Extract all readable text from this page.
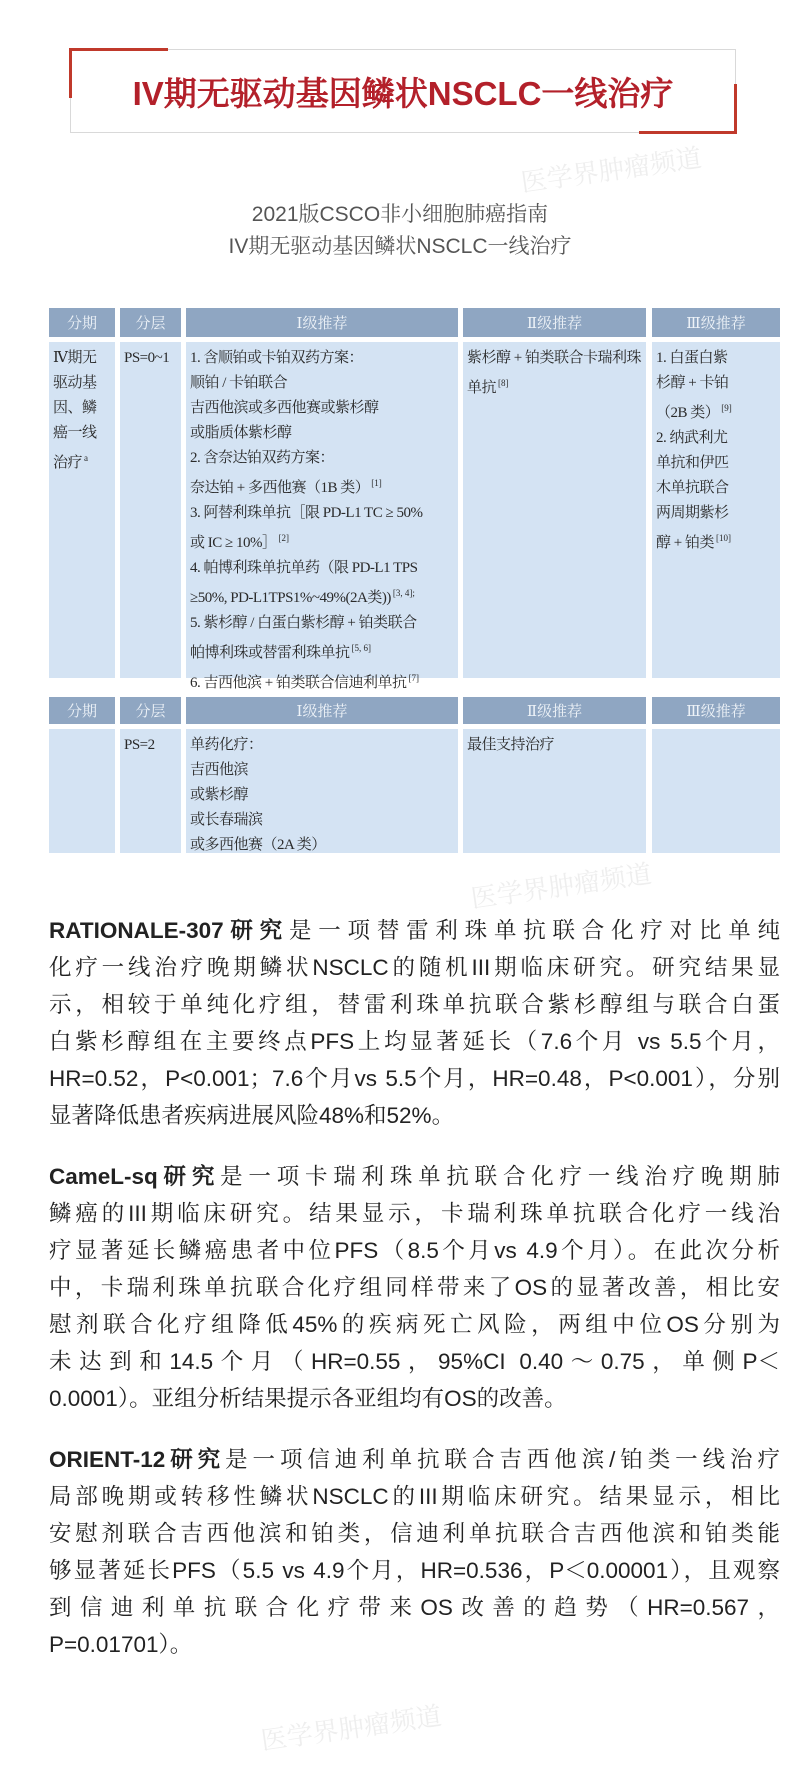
IV期无驱动基因鳞状NSCLC一线治疗
2021版CSCO非小细胞肺癌指南
IV期无驱动基因鳞状NSCLC一线治疗
分期
Ⅳ期无
驱动基
因、鳞
癌一线
治疗 $^a$
分层
PS=0~1
Ⅰ级推荐
1. 含顺铂或卡铂双药方案：
顺铂 / 卡铂联合
吉西他滨或多西他赛或紫杉醇
或脂质体紫杉醇
2. 含奈达铂双药方案：
奈达铂 + 多西他赛（1B 类） [1]
3. 阿替利珠单抗［限 PD-L1 TC ≥ 50%
或 IC ≥ 10%］ [2]
4. 帕博利珠单抗单药（限 PD-L1 TPS
≥50%, PD-L1TPS1%~49%(2A类)) $^{[3, 4];}$
5. 紫杉醇 / 白蛋白紫杉醇 + 铂类联合
帕博利珠或替雷利珠单抗 [5, 6]
6. 吉西他滨 + 铂类联合信迪利单抗 [7]
Ⅱ级推荐
紫杉醇 + 铂类联合卡瑞利珠
单抗 [8]
Ⅲ级推荐
1. 白蛋白紫
杉醇 + 卡铂
（2B 类） [9]
2. 纳武利尤
单抗和伊匹
木单抗联合
两周期紫杉
醇 + 铂类 [10]
分期	分层
PS=2
Ⅰ级推荐
单药化疗：
吉西他滨
或紫杉醇
或长春瑞滨
或多西他赛（2A 类）
Ⅱ级推荐
最佳支持治疗
Ⅲ级推荐
RATIONALE-307研究是一项替雷利珠单抗联合化疗对比单纯
化疗一线治疗晚期鳞状NSCLC的随机III期临床研究。研究结果显
示，相较于单纯化疗组，替雷利珠单抗联合紫杉醇组与联合白蛋
白紫杉醇组在主要终点PFS上均显著延长（7.6个月 vs 5.5个月，
HR=0.52，P<0.001；7.6个月vs 5.5个月，HR=0.48，P<0.001），分别
显著降低患者疾病进展风险48%和52%。
CameL-sq研究是一项卡瑞利珠单抗联合化疗一线治疗晚期肺
鳞癌的III期临床研究。结果显示，卡瑞利珠单抗联合化疗一线治
疗显著延长鳞癌患者中位PFS（8.5个月vs 4.9个月）。在此次分析
中，卡瑞利珠单抗联合化疗组同样带来了OS的显著改善，相比安
慰剂联合化疗组降低45%的疾病死亡风险，两组中位OS分别为
未达到和14.5个月（HR=0.55，95%CI 0.40～0.75，单侧P＜
0.0001）。亚组分析结果提示各亚组均有OS的改善。
ORIENT-12研究是一项信迪利单抗联合吉西他滨/铂类一线治疗
局部晚期或转移性鳞状NSCLC的III期临床研究。结果显示，相比
安慰剂联合吉西他滨和铂类，信迪利单抗联合吉西他滨和铂类能
够显著延长PFS（5.5 vs 4.9个月，HR=0.536，P＜0.00001），且观察
到信迪利单抗联合化疗带来OS改善的趋势（HR=0.567，
P=0.01701）。
医学界肿瘤频道
医学界肿瘤频道
医学界肿瘤频道
